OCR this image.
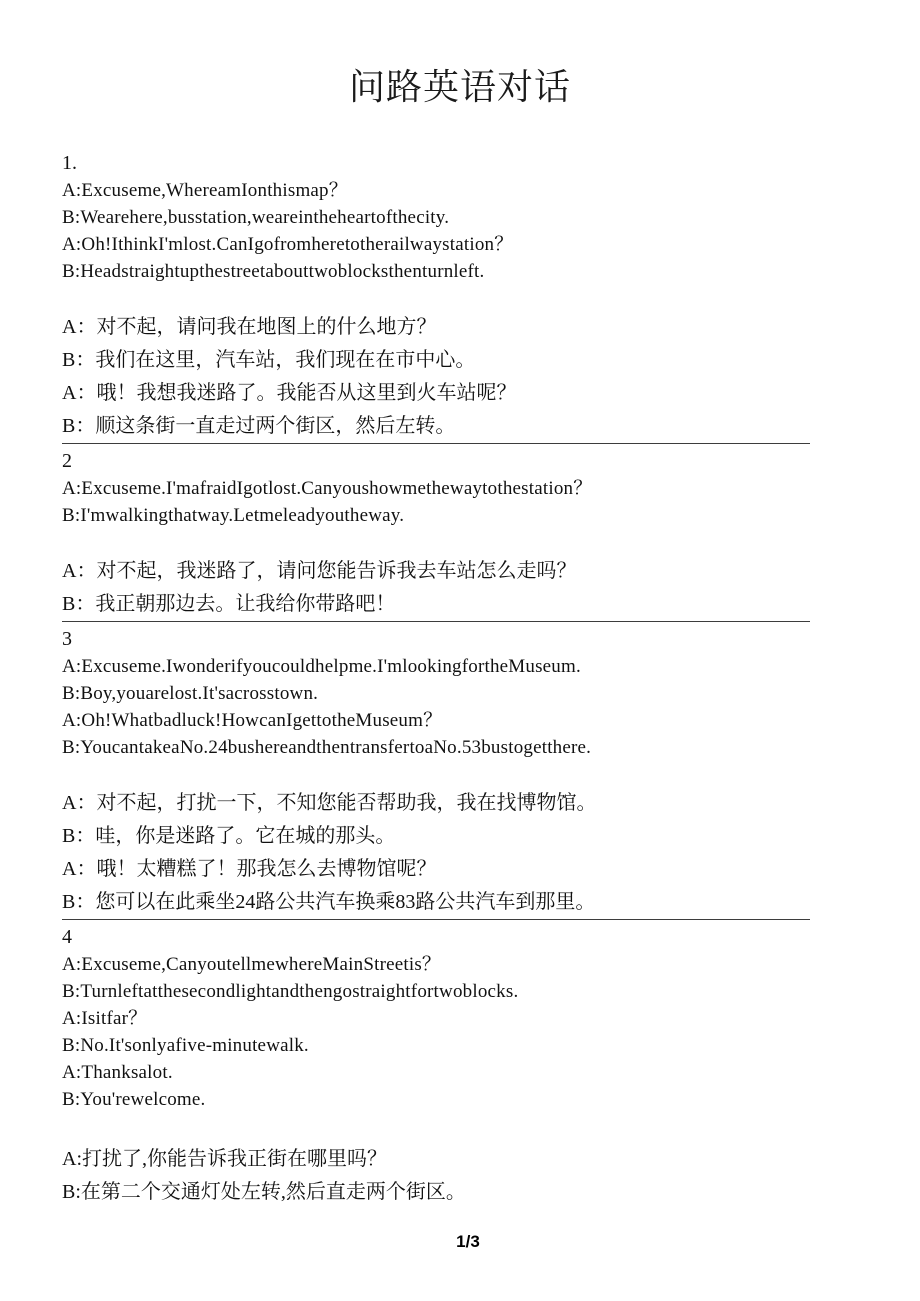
问路英语对话
1.
A:Excuseme,WhereamIonthismap？
B:Wearehere,busstation,weareintheheartofthecity.
A:Oh!IthinkI'mlost.CanIgofromheretotherailwaystation？
B:Headstraightupthestreetabouttwoblocksthenturnleft.
A：对不起，请问我在地图上的什么地方？
B：我们在这里，汽车站，我们现在在市中心。
A：哦！我想我迷路了。我能否从这里到火车站呢？
B：顺这条街一直走过两个街区，然后左转。
2
A:Excuseme.I'mafraidIgotlost.Canyoushowmethewaytothestation？
B:I'mwalkingthatway.Letmeleadyoutheway.
A：对不起，我迷路了，请问您能告诉我去车站怎么走吗？
B：我正朝那边去。让我给你带路吧！
3
A:Excuseme.Iwonderifyoucouldhelpme.I'mlookingfortheMuseum.
B:Boy,youarelost.It'sacrosstown.
A:Oh!Whatbadluck!HowcanIgettotheMuseum？
B:YoucantakeaNo.24bushereandthentransfertoaNo.53bustogetthere.
A：对不起，打扰一下，不知您能否帮助我，我在找博物馆。
B：哇，你是迷路了。它在城的那头。
A：哦！太糟糕了！那我怎么去博物馆呢？
B：您可以在此乘坐24路公共汽车换乘83路公共汽车到那里。
4
A:Excuseme,CanyoutellmewhereMainStreetis？
B:Turnleftatthesecondlightandthengostraightfortwoblocks.
A:Isitfar？
B:No.It'sonlyafive-minutewalk.
A:Thanksalot.
B:You'rewelcome.
A:打扰了,你能告诉我正街在哪里吗？
B:在第二个交通灯处左转,然后直走两个街区。
1/3
